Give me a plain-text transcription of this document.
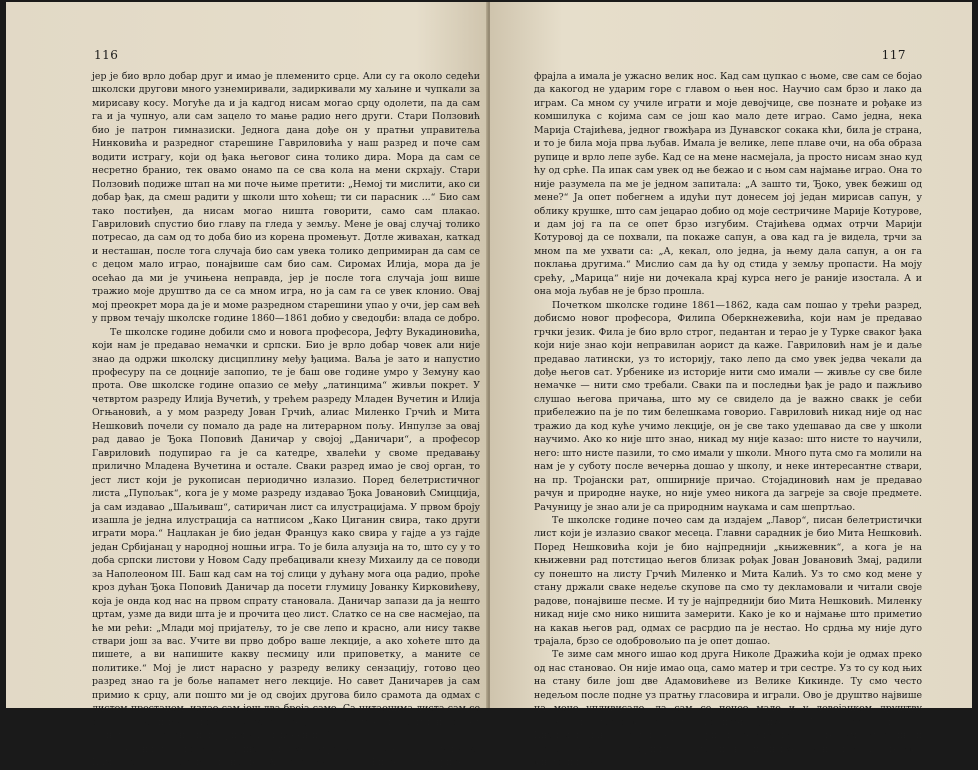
116

јер је био врло добар друг и имао је племенито срце. Али су га около седећи школски другови много узнемиривали, задиркивали му хаљине и чупкали за мирисаву косу. Могуће да и ја кадгод нисам могао срцу одолети, па да сам га и ја чупнуо, али сам зацело то мање радио него други. Стари Ползовић био је патрон гимназиски. Једнога дана дође он у пратњи управитеља Нинковића и разредног старешине Гавриловића у наш разред и поче сам водити истрагу, који од ђака његовог сина толико дира. Мора да сам се несретно бранио, тек овамо онамо па се сва кола на мени скрхају. Стари Ползовић подиже штап на ми поче њиме претити: „Немој ти мислити, ако си добар ђак, да смеш радити у школи што хоћеш; ти си парасник ...“ Био сам тако постиђен, да нисам могао ништа говорити, само сам плакао. Гавриловић спустио био главу па гледа у земљу. Мене је овај случај толико потресао, да сам од то доба био из корена промењут. Дотле живахан, каткад и несташан, после тога случаја био сам увека толико депримиран да сам се с децом мало играо, понајвише сам био сам. Сиромах Илија, мора да је осећао да ми је учињена неправда, јер је после тога случаја још више тражио моје друштво да се са мном игра, но ја сам га се увек клонио. Овај мој преокрет мора да је и моме разредном старешини упао у очи, јер сам већ у првом течају школске године 1860—1861 добио у сведоџби: влада се добро.

Те школске године добили смо и новога професора, Јефту Вукадиновића, који нам је предавао немачки и српски. Био је врло добар човек али није знао да одржи школску дисциплину међу ђацима. Ваља је зато и напустио професуру па се доцније запопио, те је баш ове године умро у Земуну као прота. Ове школске године опазио се међу „латинцима“ живљи покрет. У четвртом разреду Илија Вучетић, у трећем разреду Младен Вучетин и Илија Огњановић, а у мом разреду Јован Грчић, алиас Миленко Грчић и Мита Нешковић почели су помало да раде на литерарном пољу. Инпулзе за овај рад давао је Ђока Поповић Даничар у својој „Даничари“, а професор Гавриловић подупирао га је са катедре, хвалећи у своме предавању прилично Младена Вучетина и остале. Сваки разред имао је свој орган, то јест лист који је рукописан периодично излазио. Поред белетристичног листа „Пупољак“, кога је у моме разреду издавао Ђока Јовановић Смицција, ја сам издавао „Шаљиваш“, сатиричан лист са илустрацијама. У првом броју изашла је једна илустрација са натписом „Како Циганин свира, тако други играти мора.“ Нацлакан је био један Француз како свира у гајде а уз гајде један Србијанац у народној ношњи игра. То је била алузија на то, што су у то доба српски листови у Новом Саду пребацивали кнезу Михаилу да се поводи за Наполеоном III. Баш кад сам на тој слици у дућану мога оца радио, проће кроз дућан Ђока Поповић Даничар да посети глумицу Јованку Кирковићеву, која је онда код нас на првом спрату становала. Даничар запази да ја нешто цртам, узме да види шта је и прочита цео лист. Слатко се на све насмејао, па ће ми рећи: „Млади мој пријатељу, то је све лепо и красно, али нису такве ствари још за вас. Учите ви прво добро ваше лекције, а ако хоћете што да пишете, а ви напишите какву песмицу или приповетку, а маните се политике.“ Мој је лист нарасно у разреду велику сензацију, готово цео разред знао га је боље напамет него лекције. Но савет Даничарев ја сам примио к срцу, али пошто ми је од својих другова било срамота да одмах с листом престанем, издао сам још два броја само. Са читаоцима листа сам се растао с извином у којој сам рекао да „лист престаје излазити на савет једног од најпризнатијих српских књижевника“.

С јесени те школске године учио сам играти код једне Французкиње, Кампике, која је становала негде у Хлебарском сокаку. Била је то старија

117

фрајла а имала је ужасно велик нос. Кад сам цупкао с њоме, све сам се бојао да какогод не ударим горе с главом о њен нос. Научио сам брзо и лако да играм. Са мном су училе играти и моје девојчице, све познате и рођаке из комшилука с којима сам се још као мало дете играо. Само једна, нека Марија Стајићева, једног гвожђара из Дунавског сокака кћи, била је страна, и то је била моја прва љубав. Имала је велике, лепе плаве очи, на оба образа рупице и врло лепе зубе. Кад се на мене насмејала, ја просто нисам знао куд ћу од срће. Па ипак сам увек од ње бежао и с њом сам најмање играо. Она то није разумела па ме је једном запитала: „А зашто ти, Ђоко, увек бежиш од мене?“ Ја опет побегнем а идући пут донесем јој један мирисав сапун, у облику крушке, што сам јецарао добио од моје сестричине Марије Котурове, и дам јој га па се опет брзо изгубим. Стајићева одмах отрчи Марији Котуровој да се похвали, па покаже сапун, а ова кад га је видела, трчи за мном па ме ухвати са: „А, кекал, оло једна, ја њему дала сапун, а он га поклања другима.“ Мислио сам да ћу од стида у земљу пропасти. На моју срећу, „Марица“ није ни дочекала крај курса него је раније изостала. А и она моја љубав не је брзо прошла.

Почетком школске године 1861—1862, када сам пошао у трећи разред, добисмо новог професора, Филипа Оберкнежевића, који нам је предавао грчки језик. Фила је био врло строг, педантан и терао је у Турке сваког ђака који није знао који неправилан аорист да каже. Гавриловић нам је и даље предавао латински, уз то историју, тако лепо да смо увек једва чекали да дође његов сат. Урбенике из историје нити смо имали — живље су све биле немачке — нити смо требали. Сваки па и последњи ђак је радо и пажљиво слушао његова причања, што му се свидело да је важно свакк је себи прибележио па је по тим белешкама говорио. Гавриловић никад није од нас тражио да код куће учимо лекције, он је све тако удешавао да све у школи научимо. Ако ко није што знао, никад му није казао: што нисте то научили, него: што нисте пазили, то смо имали у школи. Много пута смо га молили на нам је у суботу после вечерња дошао у школу, и неке интересантне ствари, на пр. Тројански рат, опширније причао. Стојадиновић нам је предавао рачун и природне науке, но није умео никога да загреје за своје предмете. Рачуницу је знао али је са природним наукама и сам шепртљао.

Те школске године почео сам да издајем „Лавор“, писан белетристички лист који је излазио сваког месеца. Главни сарадник је био Мита Нешковић. Поред Нешковића који је био најпреднији „књижевник“, а кога је на књижевни рад потстицао његов близак рођак Јован Јовановић Змај, радили су понешто на листу Грчић Миленко и Мита Калић. Уз то смо код мене у стану држали сваке недеље скупове па смо ту декламовали и читали своје радове, понајвише песме. И ту је најпреднији био Мита Нешковић. Миленку никад није смо нико нишита замерити. Како је ко и најмање што приметио на какав његов рад, одмах се расрдио па је нестао. Но срдња му није дуго трајала, брзо се одобровољио па је опет дошао.

Те зиме сам много ишао код друга Николе Дражића који је одмах преко од нас становао. Он није имао оца, само матер и три сестре. Уз то су код њих на стану биле још две Адамовићеве из Велике Кикинде. Ту смо често недељом после подне уз пратњу гласовира и играли. Ово је друштво највише на мене упливисало, да сам се почео мало и у девојачком друштву ослобађати, јер сам пре тога био прави диваљак. У то доба је и Лаза Кнежевић давао претставе у позоришту, а мислим да се те зиме старопно и Српско народно позориште. То је силно упливисало и на нас ђаке те смо много ишли у по-
